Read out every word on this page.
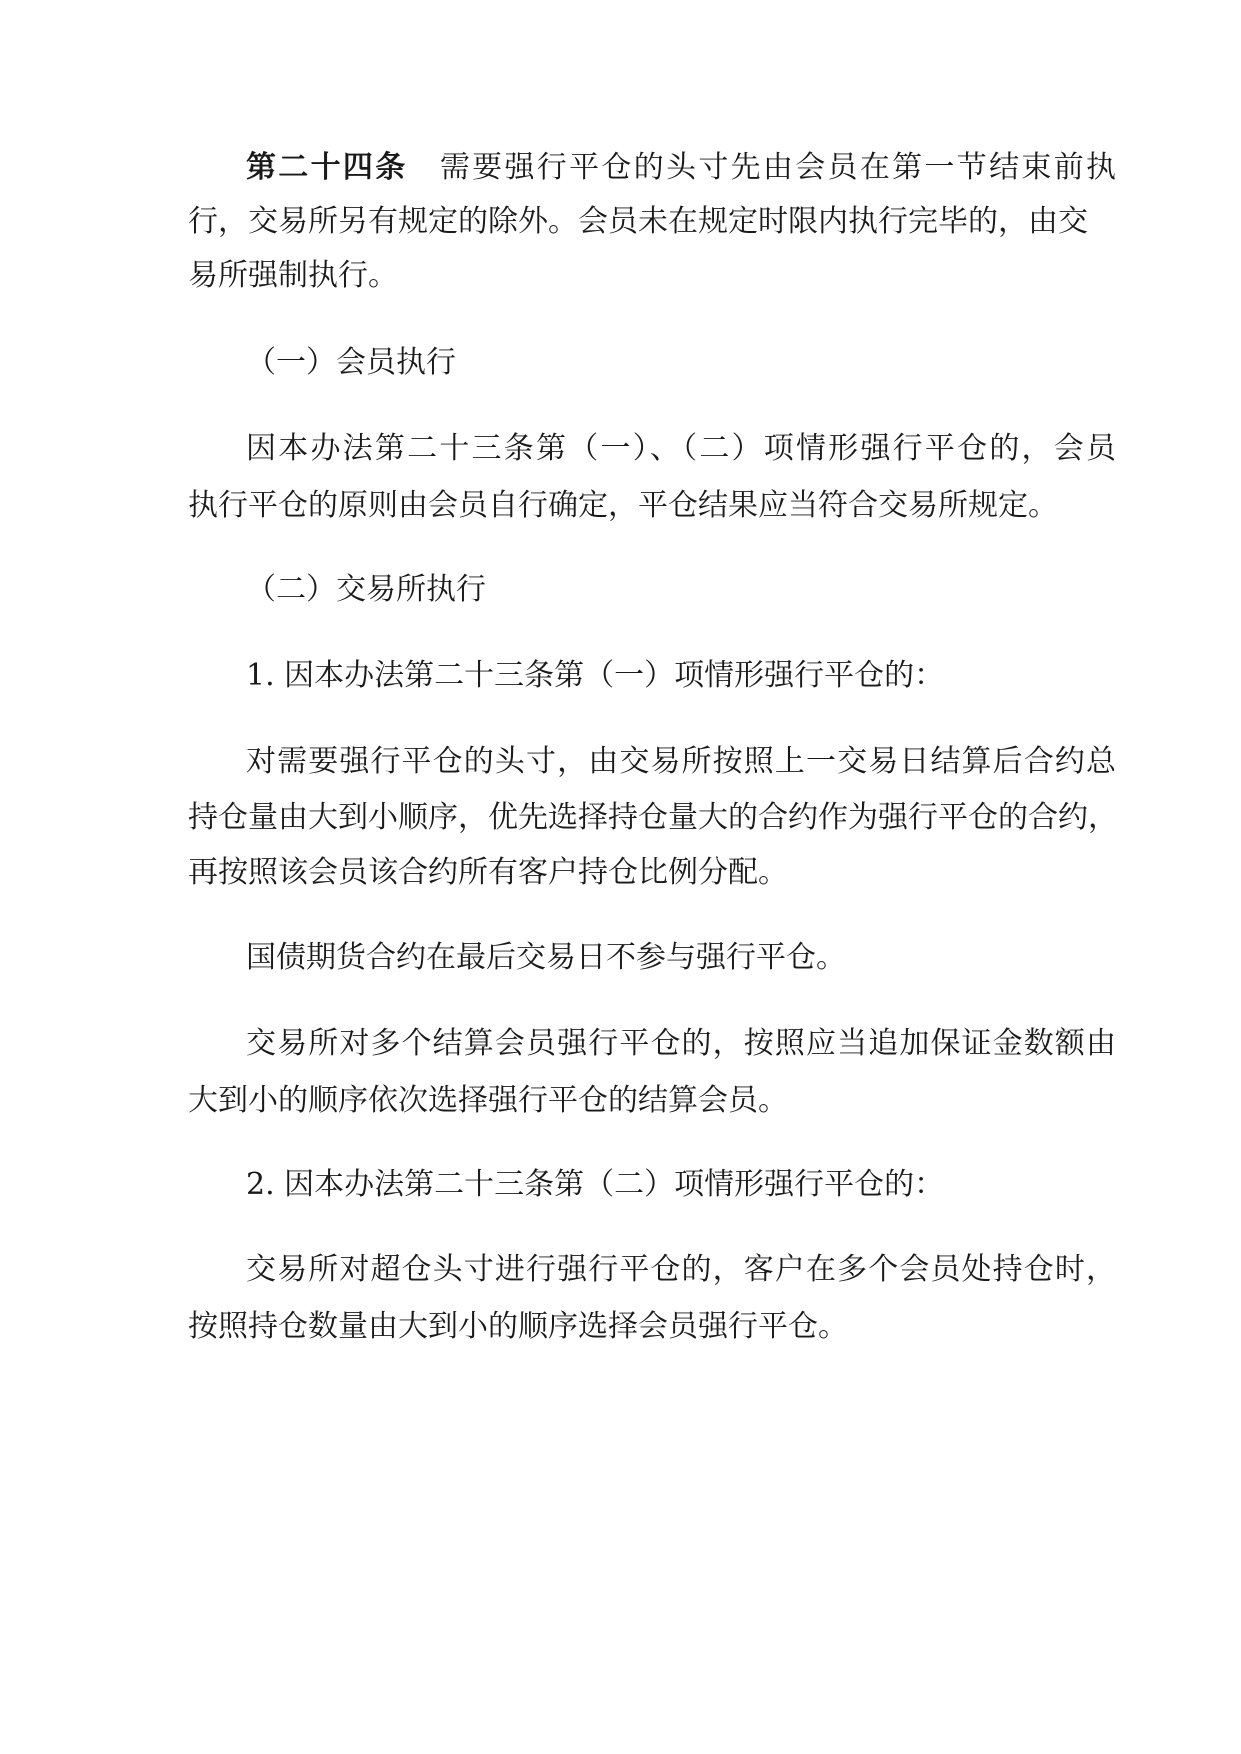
第二十四条 需要强行平仓的头寸先由会员在第一节结束前执
行，交易所另有规定的除外。会员未在规定时限内执行完毕的，由交
易所强制执行。
（一）会员执行
因本办法第二十三条第（一）、（二）项情形强行平仓的，会员
执行平仓的原则由会员自行确定，平仓结果应当符合交易所规定。
（二）交易所执行
1. 因本办法第二十三条第（一）项情形强行平仓的：
对需要强行平仓的头寸，由交易所按照上一交易日结算后合约总
持仓量由大到小顺序，优先选择持仓量大的合约作为强行平仓的合约，
再按照该会员该合约所有客户持仓比例分配。
国债期货合约在最后交易日不参与强行平仓。
交易所对多个结算会员强行平仓的，按照应当追加保证金数额由
大到小的顺序依次选择强行平仓的结算会员。
2. 因本办法第二十三条第（二）项情形强行平仓的：
交易所对超仓头寸进行强行平仓的，客户在多个会员处持仓时，
按照持仓数量由大到小的顺序选择会员强行平仓。
